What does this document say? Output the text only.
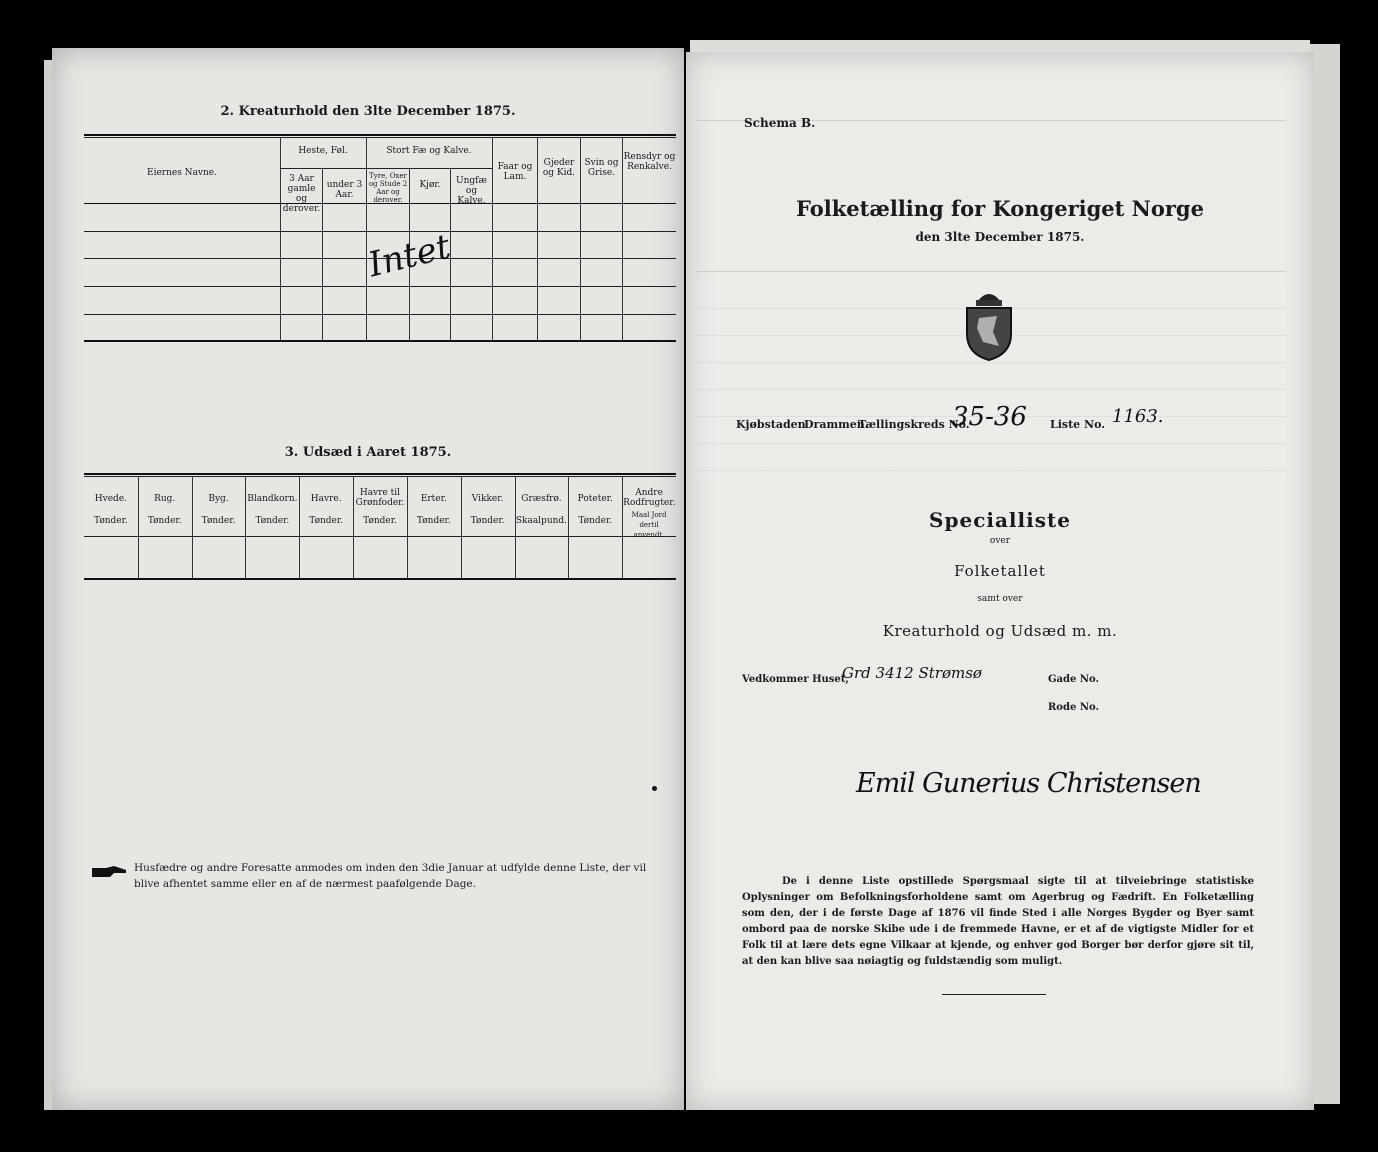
2. Kreaturhold den 3lte December 1875.
Eiernes Navne.
Heste, Føl.
3 Aar gamle og derover.
under 3 Aar.
Stort Fæ og Kalve.
Tyre, Oxer og Stude 2 Aar og derover.
Kjør.	Ungfæ og Kalve.
Faar og Lam.
Gjeder og Kid.
Svin og Grise.
Rensdyr og Renkalve.
Intet
3. Udsæd i Aaret 1875.
Hvede.
Tønder.
Rug.
Tønder.
Byg.
Tønder.
Blandkorn.
Tønder.
Havre.
Tønder.
Havre til Grønfoder.
Tønder.
Erter.
Tønder.
Vikker.
Tønder.
Græsfrø.
Skaalpund.
Poteter.
Tønder.
Andre Rodfrugter.
Maal Jord dertil anvendt.
Husfædre og andre Foresatte anmodes om inden den 3die Januar at udfylde denne Liste, der vil blive afhentet samme eller en af de nærmest paafølgende Dage.
Schema B.
Folketælling for Kongeriget Norge
den 3lte December 1875.
Kjøbstaden
Drammen.
Tællingskreds No.
35-36 Liste No. 1163.
Specialliste
over
Folketallet
samt over
Kreaturhold og Udsæd m. m.
Vedkommer Huset,
Grd 3412 Strømsø	Gade No.
Rode No.
Emil Gunerius Christensen
De i denne Liste opstillede Spørgsmaal sigte til at tilveiebringe statistiske Oplysninger om Befolkningsforholdene samt om Agerbrug og Fædrift. En Folketælling som den, der i de første Dage af 1876 vil finde Sted i alle Norges Bygder og Byer samt ombord paa de norske Skibe ude i de fremmede Havne, er et af de vigtigste Midler for et Folk til at lære dets egne Vilkaar at kjende, og enhver god Borger bør derfor gjøre sit til, at den kan blive saa nøiagtig og fuldstændig som muligt.
